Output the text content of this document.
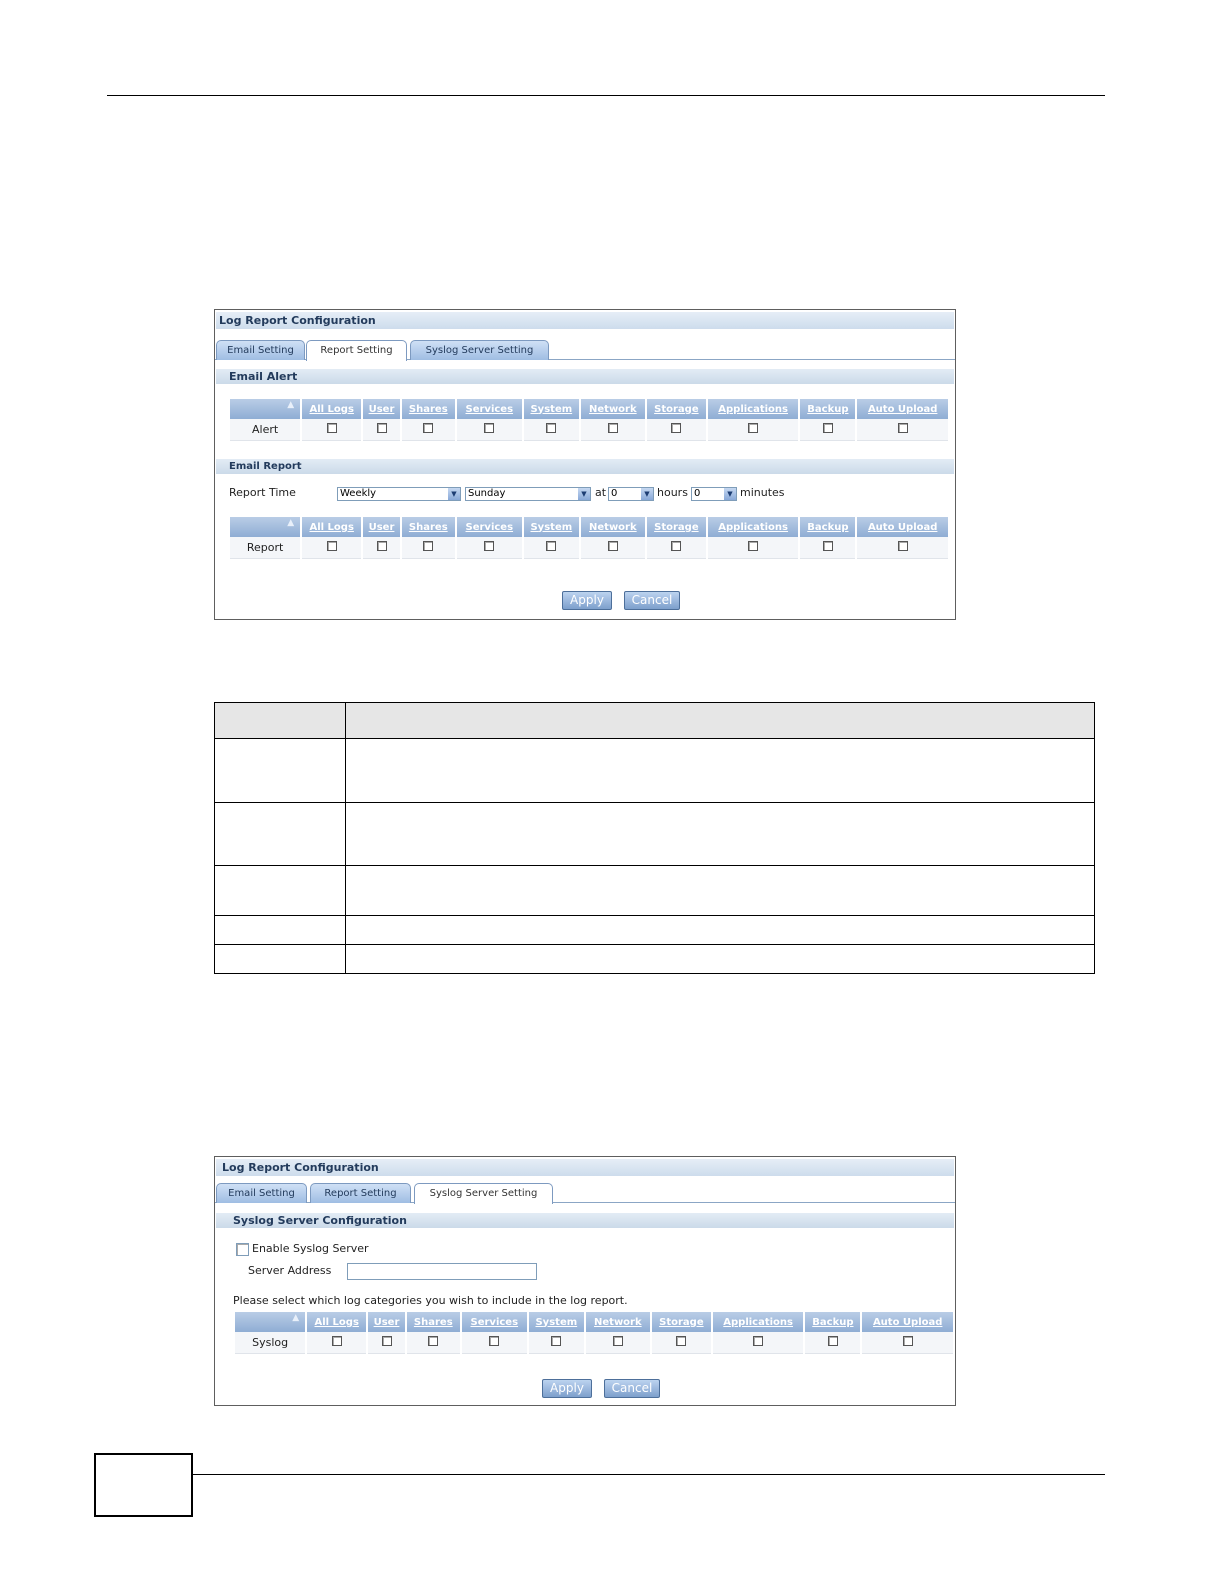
Log Report Configuration
Email Setting	Report Setting	Syslog Server Setting
Email Alert
▲	All Logs	User	Shares	Services	System	Network	Storage	Applications	Backup	Auto Upload
Alert										
Email Report
Report Time	Weekly	▼	Sunday	▼ at 0	▼ hours 0	▼ minutes
▲	All Logs	User	Shares	Services	System	Network	Storage	Applications	Backup	Auto Upload
Report										
Apply	Cancel

Log Report Configuration
Email Setting	Report Setting	Syslog Server Setting
Syslog Server Configuration
Enable Syslog Server
Server Address
Please select which log categories you wish to include in the log report.
▲	All Logs	User	Shares	Services	System	Network	Storage	Applications	Backup	Auto Upload
Syslog										
Apply	Cancel
